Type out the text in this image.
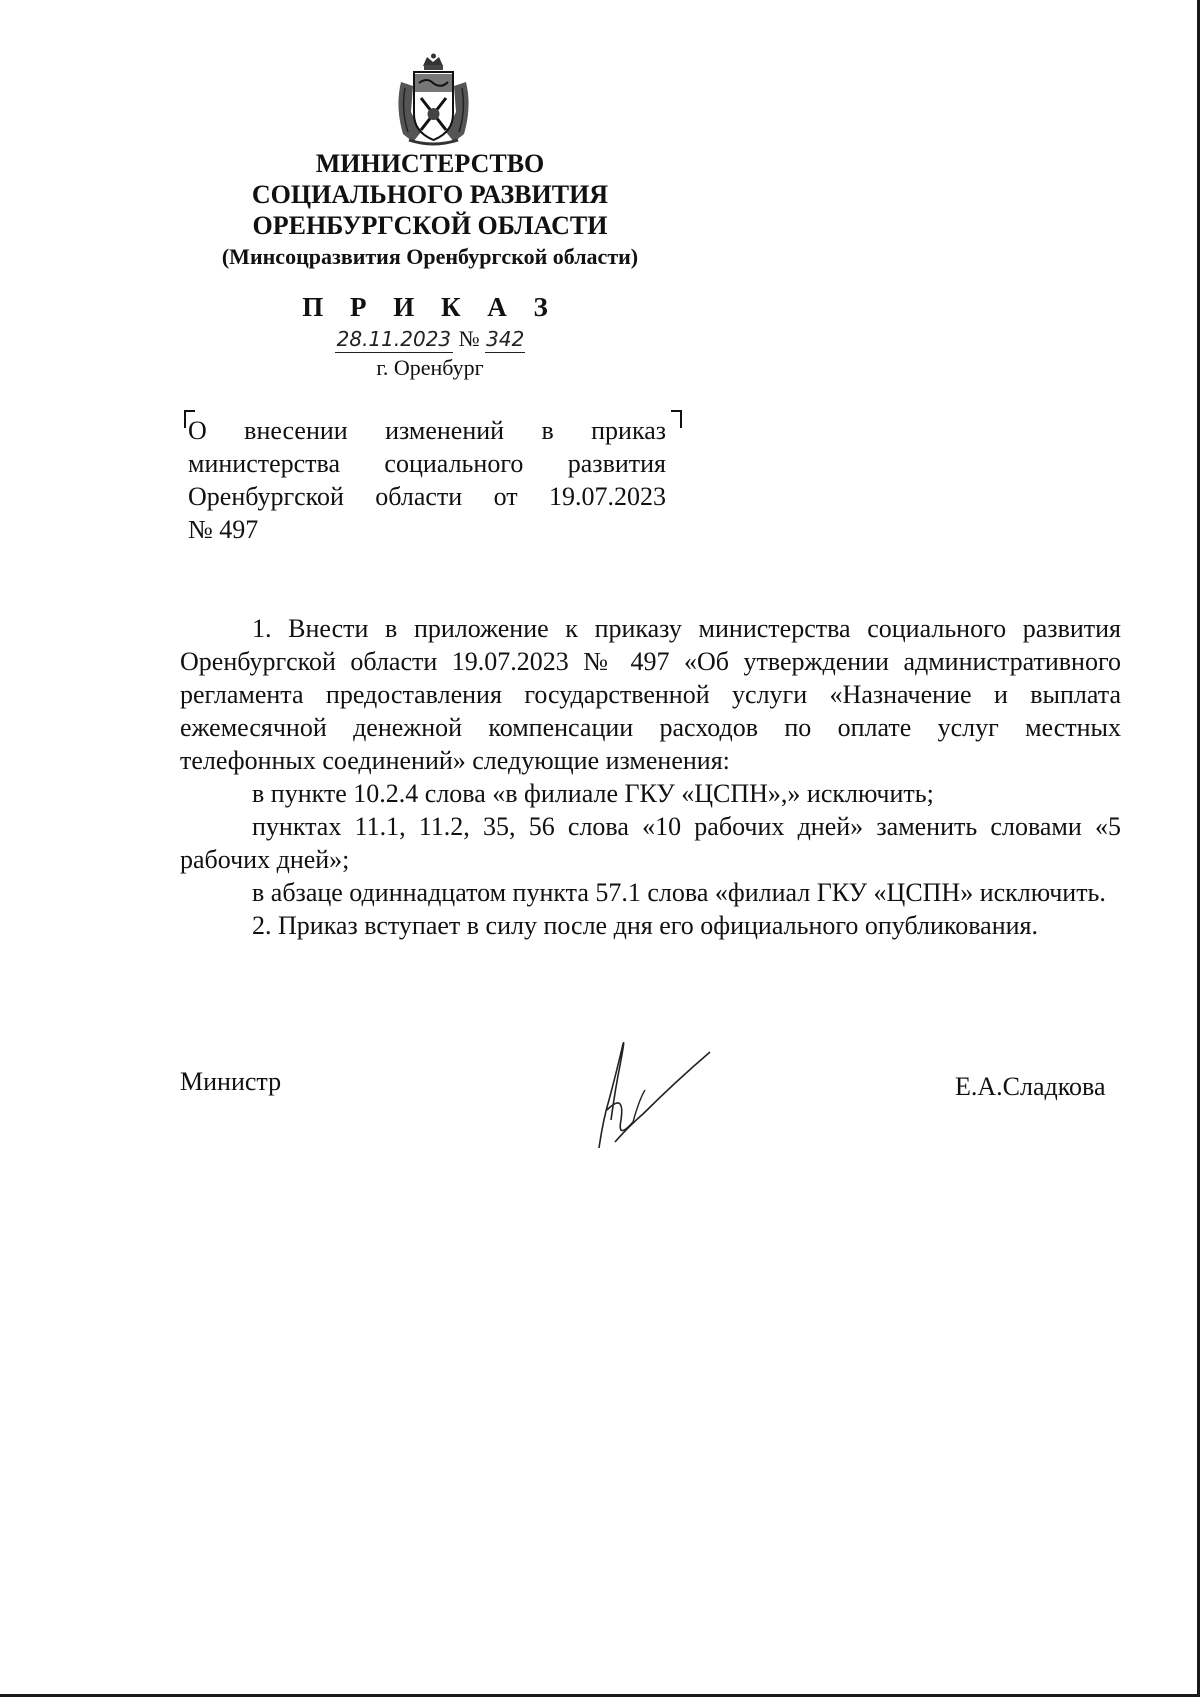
МИНИСТЕРСТВО
СОЦИАЛЬНОГО РАЗВИТИЯ
ОРЕНБУРГСКОЙ ОБЛАСТИ
(Минсоцразвития Оренбургской области)
П Р И К А З
28.11.2023 № 342
г. Оренбург
О внесении изменений в приказ
министерства социального развития
Оренбургской области от 19.07.2023
№ 497

1. Внести в приложение к приказу министерства социального развития Оренбургской области 19.07.2023 № 497 «Об утверждении административного регламента предоставления государственной услуги «Назначение и выплата ежемесячной денежной компенсации расходов по оплате услуг местных телефонных соединений» следующие изменения:

в пункте 10.2.4 слова «в филиале ГКУ «ЦСПН»,» исключить;

пунктах 11.1, 11.2, 35, 56 слова «10 рабочих дней» заменить словами «5 рабочих дней»;

в абзаце одиннадцатом пункта 57.1 слова «филиал ГКУ «ЦСПН» исключить.

2. Приказ вступает в силу после дня его официального опубликования.

Министр	Е.А.Сладкова
